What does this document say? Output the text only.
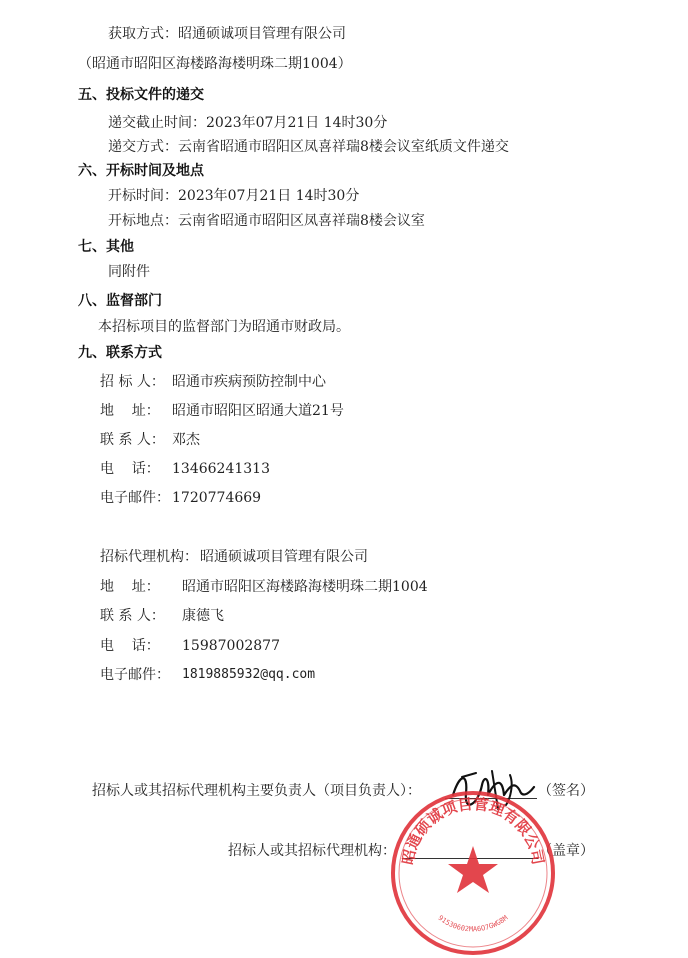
获取方式：昭通硕诚项目管理有限公司
（昭通市昭阳区海楼路海楼明珠二期1004）
五、投标文件的递交
递交截止时间：2023年07月21日 14时30分
递交方式：云南省昭通市昭阳区凤喜祥瑞8楼会议室纸质文件递交
六、开标时间及地点
开标时间：2023年07月21日 14时30分
开标地点：云南省昭通市昭阳区凤喜祥瑞8楼会议室
七、其他
同附件
八、监督部门
本招标项目的监督部门为昭通市财政局。
九、联系方式
招 标 人： 昭通市疾病预防控制中心
地    址： 昭通市昭阳区昭通大道21号
联 系 人： 邓杰
电    话： 13466241313
电子邮件： 1720774669
招标代理机构： 昭通硕诚项目管理有限公司
地    址： 昭通市昭阳区海楼路海楼明珠二期1004
联 系 人： 康德飞
电    话： 15987002877
电子邮件： 1819885932@qq.com
招标人或其招标代理机构主要负责人（项目负责人）：	（签名）
招标人或其招标代理机构：	（盖章）
昭通硕诚项目管理有限公司
91530602MA6O7GWG8M
